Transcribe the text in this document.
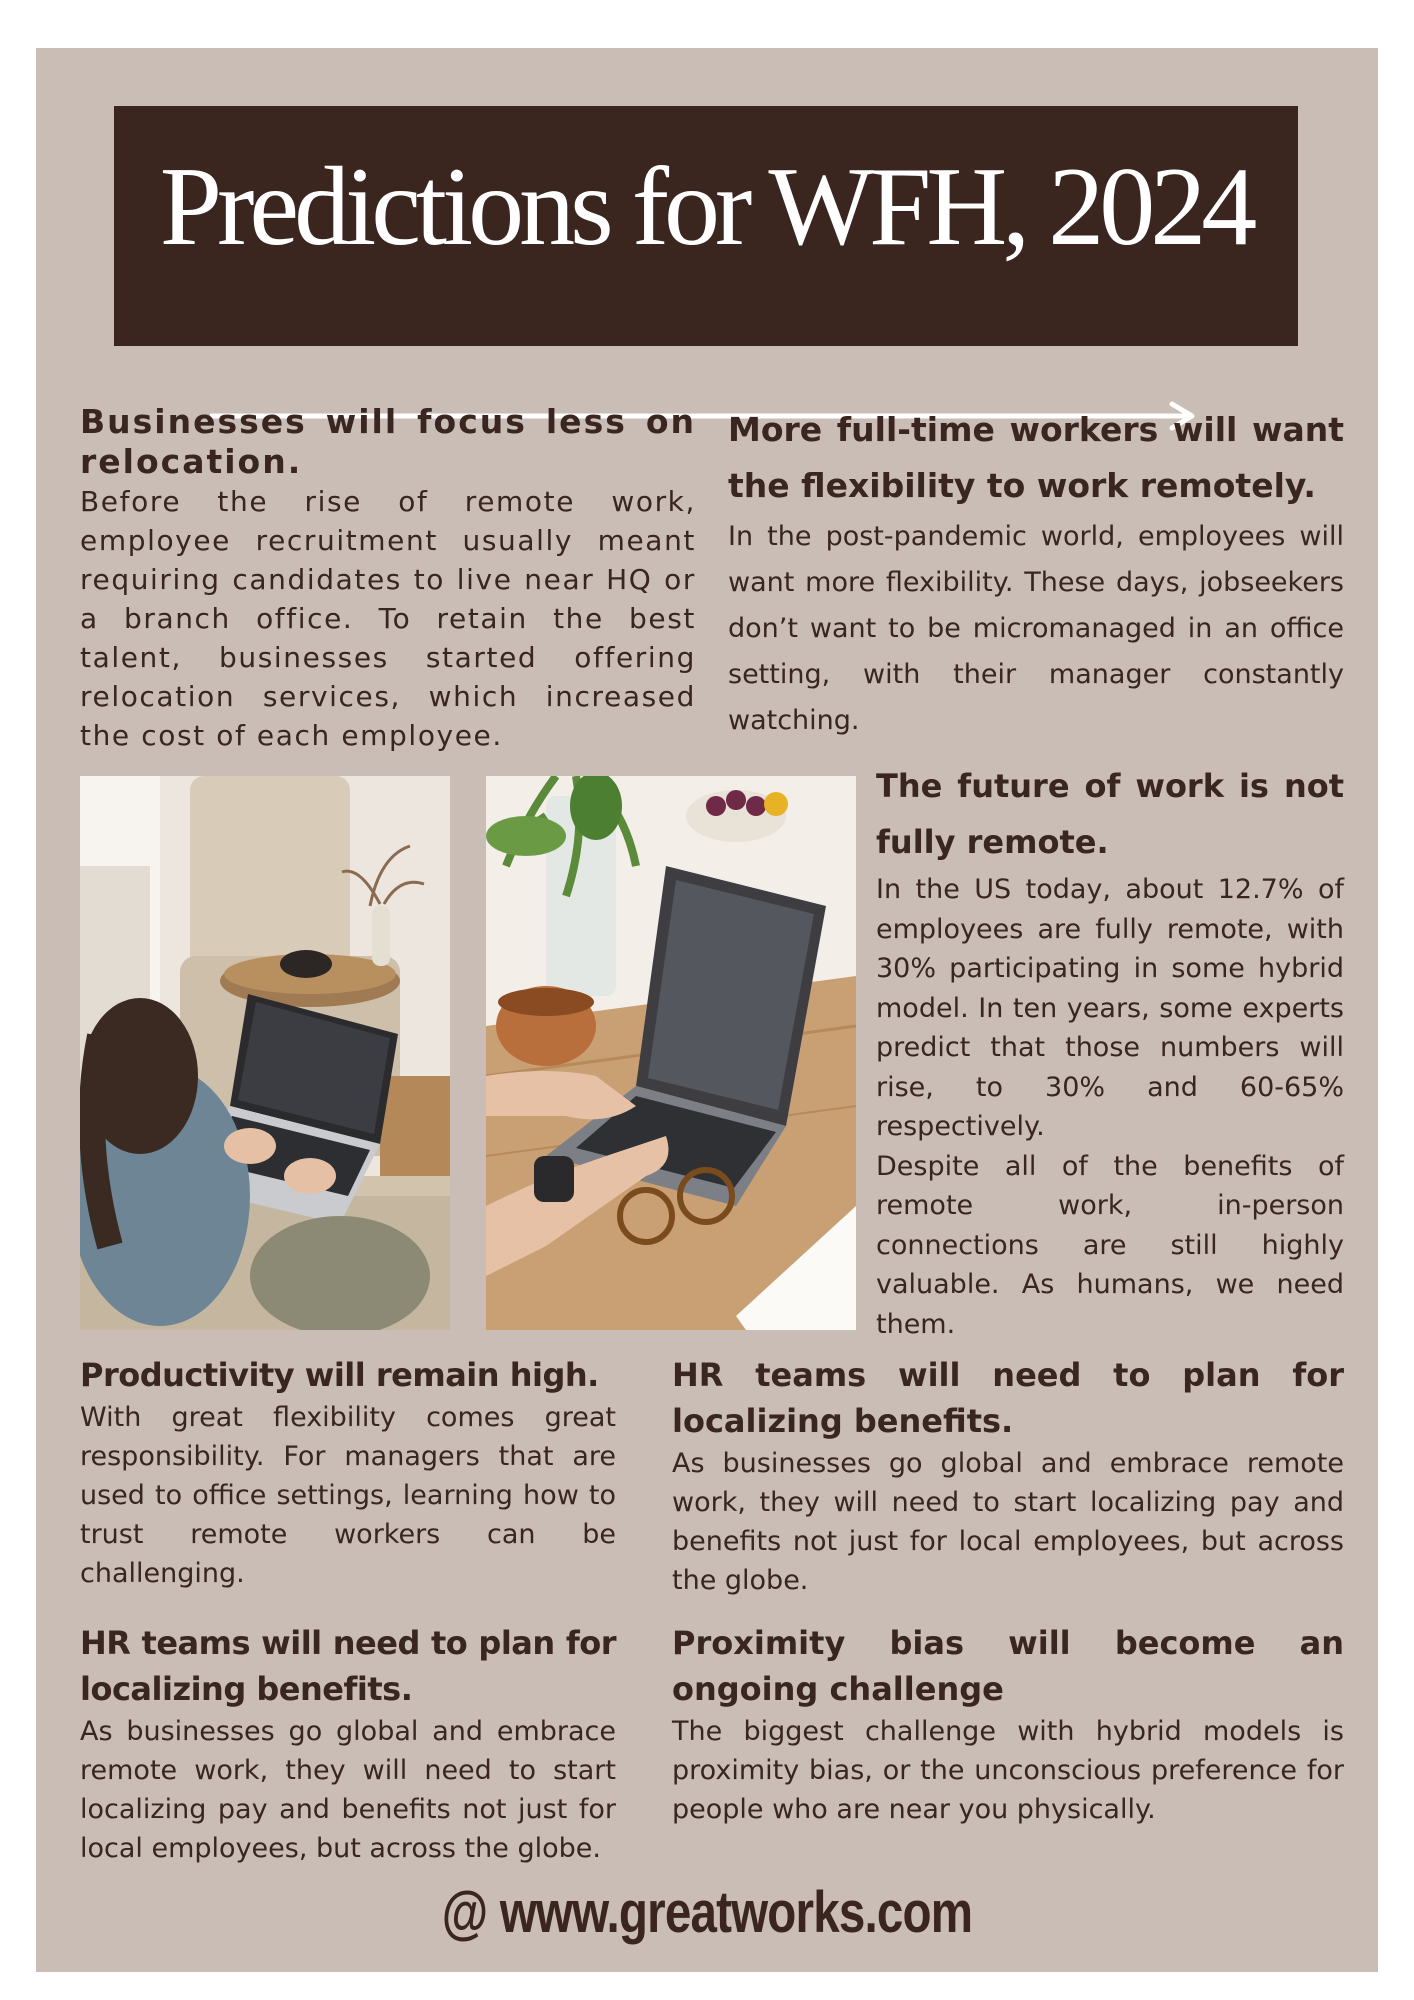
Predictions for WFH, 2024
Businesses will focus less on relocation.

Before the rise of remote work, employee recruitment usually meant requiring candidates to live near HQ or a branch office. To retain the best talent, businesses started offering relocation services, which increased the cost of each employee.

More full-time workers will want the flexibility to work remotely.

In the post-pandemic world, employees will want more flexibility. These days, jobseekers don’t want to be micromanaged in an office setting, with their manager constantly watching.

The future of work is not fully remote.

In the US today, about 12.7% of employees are fully remote, with 30% participating in some hybrid model. In ten years, some experts predict that those numbers will rise, to 30% and 60-65% respectively.

Despite all of the benefits of remote work, in-person connections are still highly valuable. As humans, we need them.

Productivity will remain high.

With great flexibility comes great responsibility. For managers that are used to office settings, learning how to trust remote workers can be challenging.

HR teams will need to plan for localizing benefits.

As businesses go global and embrace remote work, they will need to start localizing pay and benefits not just for local employees, but across the globe.

HR teams will need to plan for localizing benefits.

As businesses go global and embrace remote work, they will need to start localizing pay and benefits not just for local employees, but across the globe.

Proximity bias will become an ongoing challenge

The biggest challenge with hybrid models is proximity bias, or the unconscious preference for people who are near you physically.

@ www.greatworks.com
